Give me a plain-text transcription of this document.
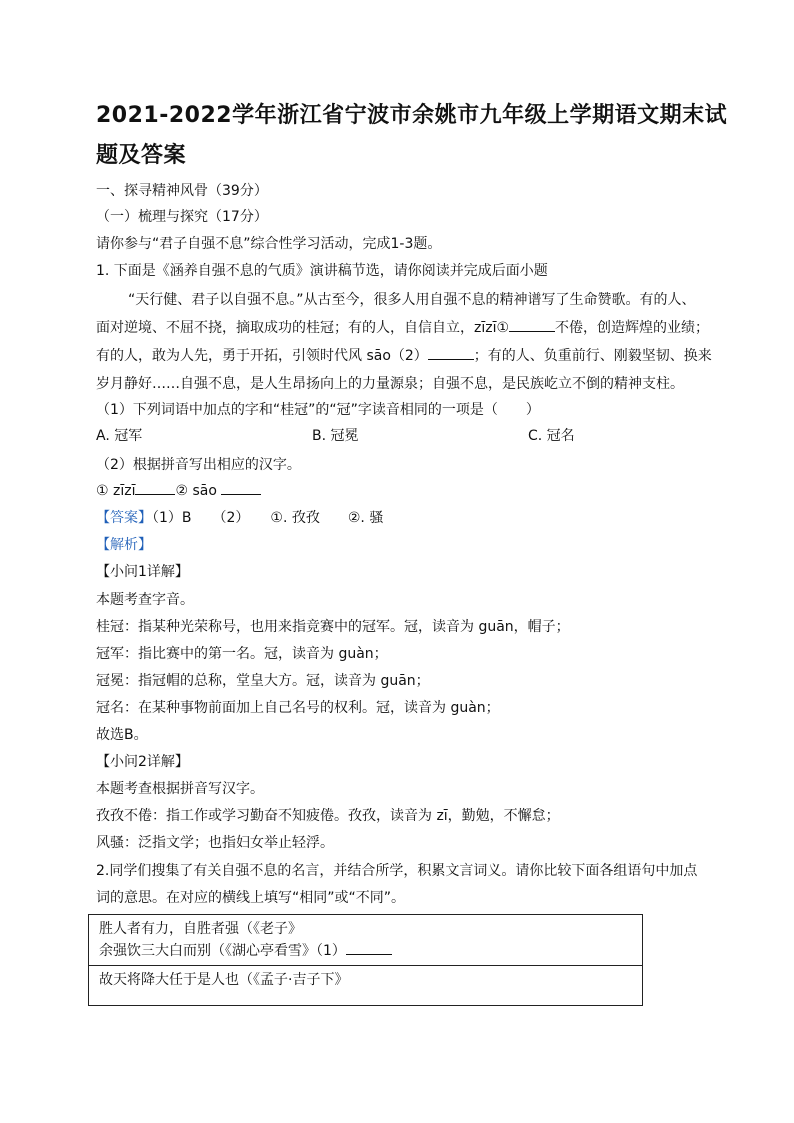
2021-2022学年浙江省宁波市余姚市九年级上学期语文期末试题及答案
一、探寻精神风骨（39分）
（一）梳理与探究（17分）
请你参与“君子自强不息”综合性学习活动，完成1-3题。
1. 下面是《涵养自强不息的气质》演讲稿节选，请你阅读并完成后面小题
“天行健、君子以自强不息。”从古至今，很多人用自强不息的精神谱写了生命赞歌。有的人、
面对逆境、不屈不挠，摘取成功的桂冠；有的人，自信自立，zīzī①	不倦，创造辉煌的业绩；
有的人，敢为人先，勇于开拓，引领时代风 sāo（2）	；有的人、负重前行、刚毅坚韧、换来
岁月静好……自强不息，是人生昂扬向上的力量源泉；自强不息，是民族屹立不倒的精神支柱。
（1）下列词语中加点的字和“桂冠”的“冠”字读音相同的一项是（　　）
A. 冠军	B. 冠冕	C. 冠名
（2）根据拼音写出相应的汉字。
① zīzī	② sāo
【答案】（1）B　　（2）　　①. 孜孜　　②. 骚
【解析】
【小问1详解】
本题考查字音。
桂冠：指某种光荣称号，也用来指竞赛中的冠军。冠，读音为 guān，帽子；
冠军：指比赛中的第一名。冠，读音为 guàn；
冠冕：指冠帽的总称，堂皇大方。冠，读音为 guān；
冠名：在某种事物前面加上自己名号的权利。冠，读音为 guàn；
故选B。
【小问2详解】
本题考查根据拼音写汉字。
孜孜不倦：指工作或学习勤奋不知疲倦。孜孜，读音为 zī，勤勉，不懈怠；
风骚：泛指文学；也指妇女举止轻浮。
2.同学们搜集了有关自强不息的名言，并结合所学，积累文言词义。请你比较下面各组语句中加点
词的意思。在对应的横线上填写“相同”或“不同”。
胜人者有力，自胜者强（《老子》
余强饮三大白而别（《湖心亭看雪》（1）

故天将降大任于是人也（《孟子·吉子下》
